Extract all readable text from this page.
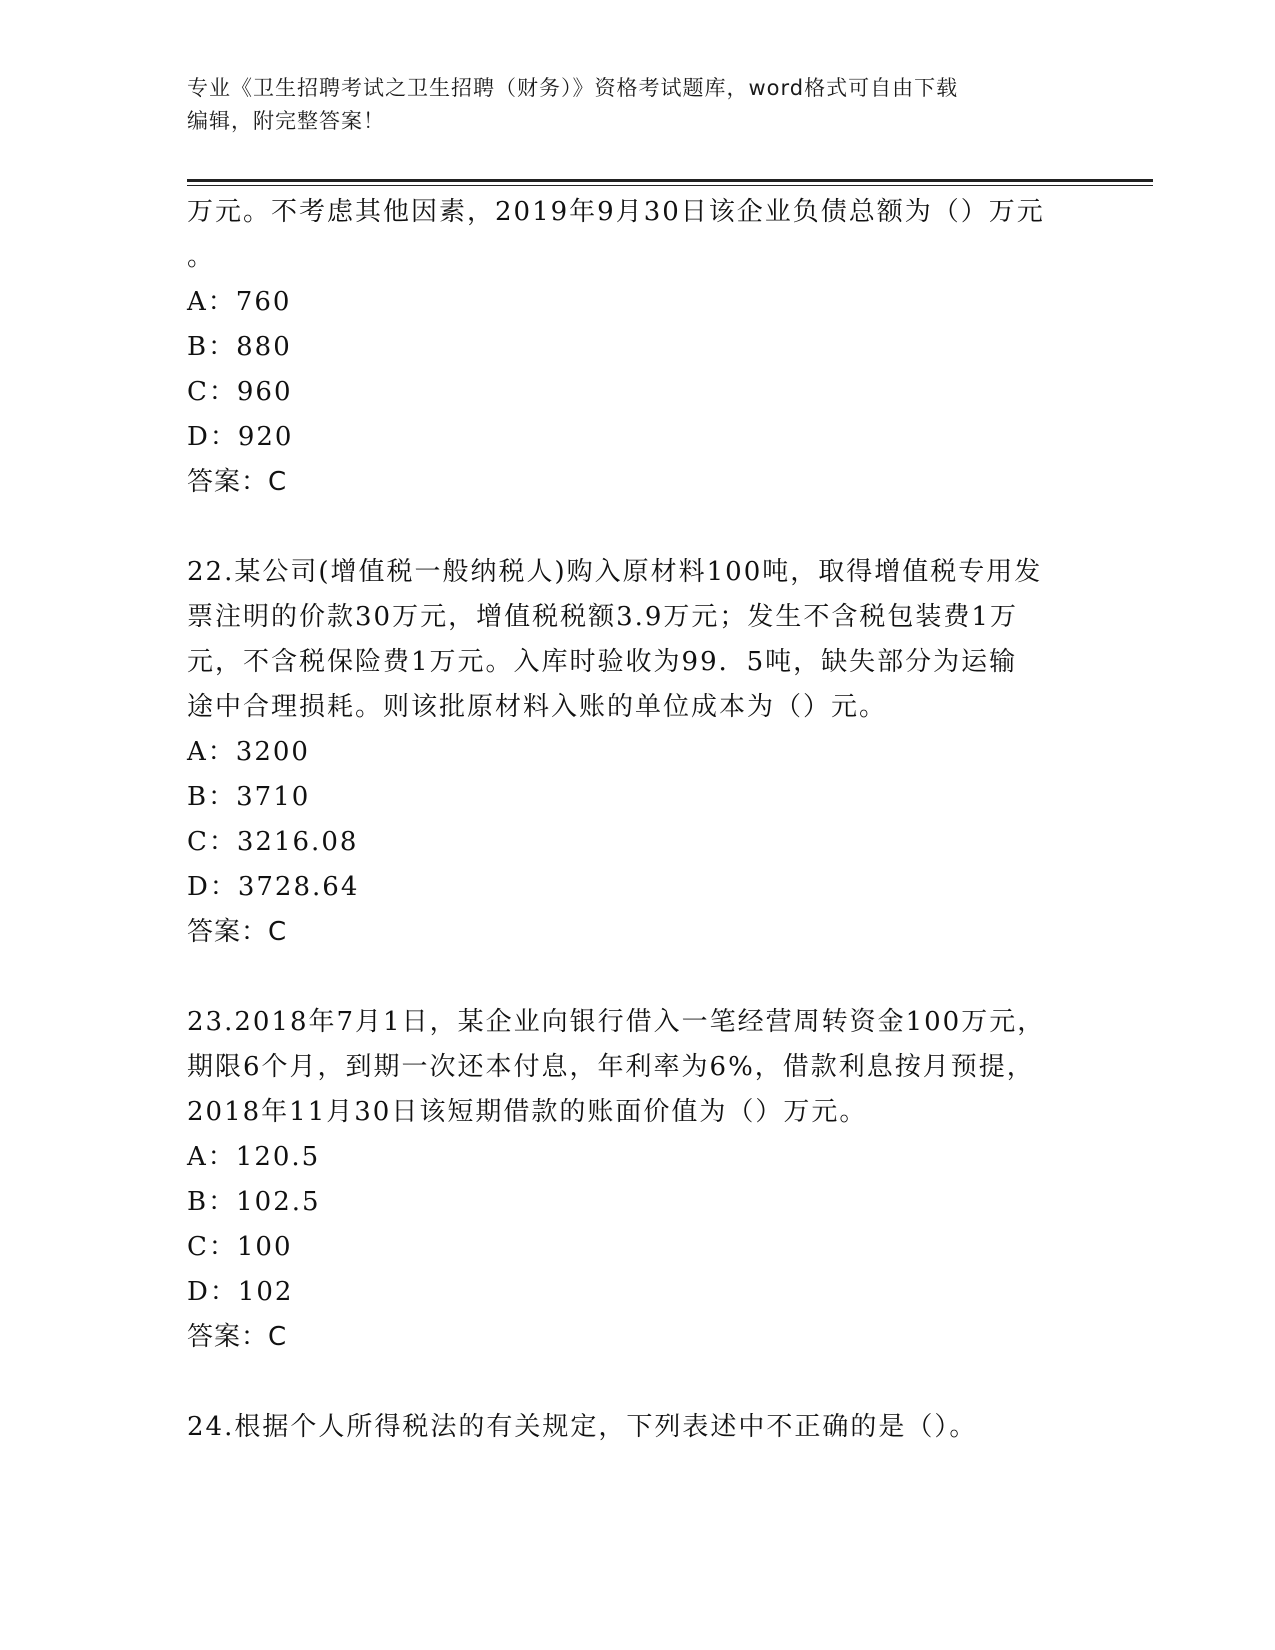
专业《卫生招聘考试之卫生招聘（财务）》资格考试题库，word格式可自由下载
编辑，附完整答案！
万元。不考虑其他因素，2019年9月30日该企业负债总额为（）万元
。
A：760
B：880
C：960
D：920
答案：C
22.某公司(增值税一般纳税人)购入原材料100吨，取得增值税专用发
票注明的价款30万元，增值税税额3.9万元；发生不含税包装费1万
元，不含税保险费1万元。入库时验收为99．5吨，缺失部分为运输
途中合理损耗。则该批原材料入账的单位成本为（）元。
A：3200
B：3710
C：3216.08
D：3728.64
答案：C
23.2018年7月1日，某企业向银行借入一笔经营周转资金100万元，
期限6个月，到期一次还本付息，年利率为6%，借款利息按月预提，
2018年11月30日该短期借款的账面价值为（）万元。
A：120.5
B：102.5
C：100
D：102
答案：C
24.根据个人所得税法的有关规定，下列表述中不正确的是（）。
